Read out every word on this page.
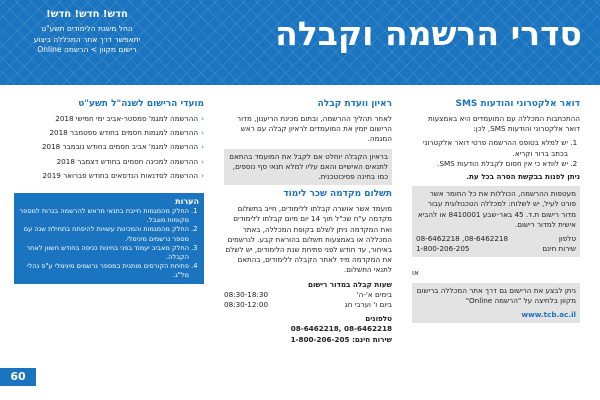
סדרי הרשמה וקבלה
חדש! חדש! חדש!
החל משנת הלימודים תשע"ט
יתאפשר דרך אתר המכללה ביצוע
רישום מקוון > הרשמה Online
דואר אלקטרוני והודעות SMS

ההתכתבות המכללה עם המועמדים היא באמצעות דואר אלקטרוני והודעות SMS, לכן:

1. יש למלא בטופס ההרשמה פרטי דואר אלקטרוני בכתב ברור וקריא.
2. יש לוודא כי אין חסום לקבלת הודעות SMS.

ניתן לפנות בבקשת הסרה בכל עת.

מעטפות ההרשמה, הכוללות את כל החומר אשר פורט לעיל, יש לשלוח: למכללה הטכנולוגית עבור מדור רישום ת.ד. 45 באר-שבע 8410001 או להביא אישית למדור רישום.

טלפון
08-6462218 ,08-6462218
שירות חינם
1-800-206-205

או

ניתן לבצע את הרישום גם דרך אתר המכללה ברישום מקוון בלחיצה על "הרשמה Online"

www.tcb.ac.il
ראיון וועדת קבלה

לאחר תהליך ההרשמה, ובתום מכינת הריענון, מדור הרישום יזמין את המועמדים לראיון קבלה עם ראש המגמה.

בראיון הקבלה יוחלט אם לקבל את המועמד בהתאם לתנאים האישיים והאם עליו למלא תנאי סף נוספים, כמו בחינה פסיכוטכנית.

תשלום מקדמה שכר לימוד

מועמד אשר אושרה קבלתו ללימודים, חייב בתשלום מקדמה ע"ח שכ"ל תוך 14 יום מיום קבלתו ללימודים ואת המקדמה ניתן לשלם בקופת המכללה, באתר המכללה או באמצעות תשלום בהוראת קבע. לנרשמים באיחור, עד חודש לפני פתיחת שנת הלימודים, יש לשלם את המקדמה מיד לאחר הקבלה ללימודים, בהתאם לתנאי התשלום.

שעות קבלה במדור רישום
בימים א'-ה'
08:30-18:30
ביום ו' וערבי חג
08:30-12:00
טלפונים
08-6462218 ,08-6462218
שירות חינם: 1-800-206-205
מועדי הרישום לשנה"ל תשע"ט
‹ההרשמה למגמ' סמסטר-אביב ימי חמישי 2018
‹ההרשמה למגמות חסמים בחודש ספטמבר 2018
‹ההרשמה למגמ' אביב חסמים בחודש נובמבר 2018
‹ההרשמה למכינה חסמים בחודש דצמבר 2018
‹ההרשמה לסדנאות הנדסאים בחודש פברואר 2019
הערות
1. החלק מהמגמות חייבת בתנאי מראש להרשמה בגרות למספר מקומות מוגבל.
2. החלק מהמגמות והמכינות עשויות להיפתח בתחילת שנה עם מספר נרשמים מינימלי.
3. החלק מאביב יעמוד בפני בחינות כניסה בחודש חשוון לאחר הקבלה.
4. פתיחת הקורסים מותנית במספר נרשמים מינימלי ע"פ נהלי מל"ג.
60
